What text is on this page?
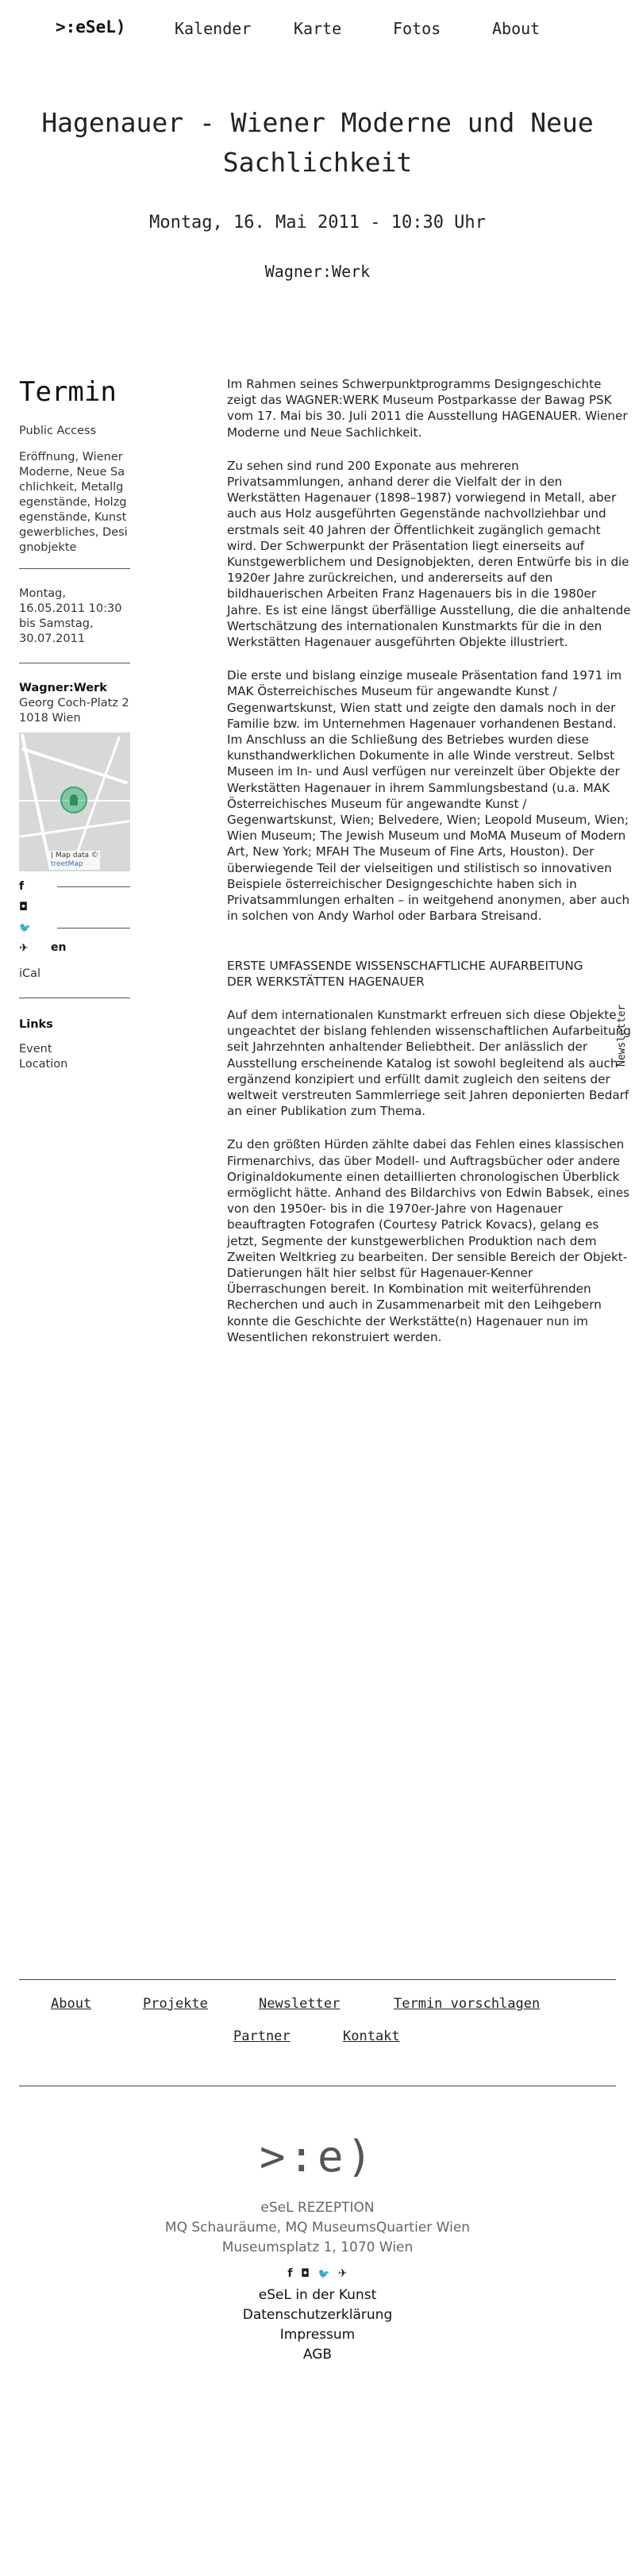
>:eSeL)	Kalender	Karte	Fotos	About
Hagenauer - Wiener Moderne und Neue Sachlichkeit
Montag, 16. Mai 2011 - 10:30 Uhr
Wagner:Werk
Termin
Public Access
Eröffnung, Wiener Moderne, Neue Sachlichkeit, Metallgegenstände, Holzgegenstände, Kunstgewerbliches, Designobjekte
Montag, 16.05.2011 10:30 bis Samstag, 30.07.2011
Wagner:Werk
Georg Coch-Platz 2
1018 Wien
| Map data ©
treetMap
f
◘
🐦
✈ en
iCal
Links
Event
Location

Im Rahmen seines Schwerpunktprogramms Designgeschichte zeigt das WAGNER:WERK Museum Postparkasse der Bawag PSK vom 17. Mai bis 30. Juli 2011 die Ausstellung HAGENAUER. Wiener Moderne und Neue Sachlichkeit.

Zu sehen sind rund 200 Exponate aus mehreren Privatsammlungen, anhand derer die Vielfalt der in den Werkstätten Hagenauer (1898–1987) vorwiegend in Metall, aber auch aus Holz ausgeführten Gegenstände nachvollziehbar und erstmals seit 40 Jahren der Öffentlichkeit zugänglich gemacht wird. Der Schwerpunkt der Präsentation liegt einerseits auf Kunstgewerblichem und Designobjekten, deren Entwürfe bis in die 1920er Jahre zurückreichen, und andererseits auf den bildhauerischen Arbeiten Franz Hagenauers bis in die 1980er Jahre. Es ist eine längst überfällige Ausstellung, die die anhaltende Wertschätzung des internationalen Kunstmarkts für die in den Werkstätten Hagenauer ausgeführten Objekte illustriert.

Die erste und bislang einzige museale Präsentation fand 1971 im MAK Österreichisches Museum für angewandte Kunst / Gegenwartskunst, Wien statt und zeigte den damals noch in der Familie bzw. im Unternehmen Hagenauer vorhandenen Bestand. Im Anschluss an die Schließung des Betriebes wurden diese kunsthandwerklichen Dokumente in alle Winde verstreut. Selbst Museen im In- und Ausl verfügen nur vereinzelt über Objekte der Werkstätten Hagenauer in ihrem Sammlungsbestand (u.a. MAK Österreichisches Museum für angewandte Kunst / Gegenwartskunst, Wien; Belvedere, Wien; Leopold Museum, Wien; Wien Museum; The Jewish Museum und MoMA Museum of Modern Art, New York; MFAH The Museum of Fine Arts, Houston). Der überwiegende Teil der vielseitigen und stilistisch so innovativen Beispiele österreichischer Designgeschichte haben sich in Privatsammlungen erhalten – in weitgehend anonymen, aber auch in solchen von Andy Warhol oder Barbara Streisand.

ERSTE UMFASSENDE WISSENSCHAFTLICHE AUFARBEITUNG
DER WERKSTÄTTEN HAGENAUER

Auf dem internationalen Kunstmarkt erfreuen sich diese Objekte ungeachtet der bislang fehlenden wissenschaftlichen Aufarbeitung seit Jahrzehnten anhaltender Beliebtheit. Der anlässlich der Ausstellung erscheinende Katalog ist sowohl begleitend als auch ergänzend konzipiert und erfüllt damit zugleich den seitens der weltweit verstreuten Sammlerriege seit Jahren deponierten Bedarf an einer Publikation zum Thema.

Zu den größten Hürden zählte dabei das Fehlen eines klassischen Firmenarchivs, das über Modell- und Auftragsbücher oder andere Originaldokumente einen detaillierten chronologischen Überblick ermöglicht hätte. Anhand des Bildarchivs von Edwin Babsek, eines von den 1950er- bis in die 1970er-Jahre von Hagenauer beauftragten Fotografen (Courtesy Patrick Kovacs), gelang es jetzt, Segmente der kunstgewerblichen Produktion nach dem Zweiten Weltkrieg zu bearbeiten. Der sensible Bereich der Objekt-Datierungen hält hier selbst für Hagenauer-Kenner Überraschungen bereit. In Kombination mit weiterführenden Recherchen und auch in Zusammenarbeit mit den Leihgebern konnte die Geschichte der Werkstätte(n) Hagenauer nun im Wesentlichen rekonstruiert werden.

Newsletter
About	Projekte	Newsletter	Termin vorschlagen
Partner	Kontakt
>:e)
eSeL REZEPTION
MQ Schauräume, MQ MuseumsQuartier Wien
Museumsplatz 1, 1070 Wien
f ◘ 🐦 ✈
eSeL in der Kunst
Datenschutzerklärung
Impressum
AGB
